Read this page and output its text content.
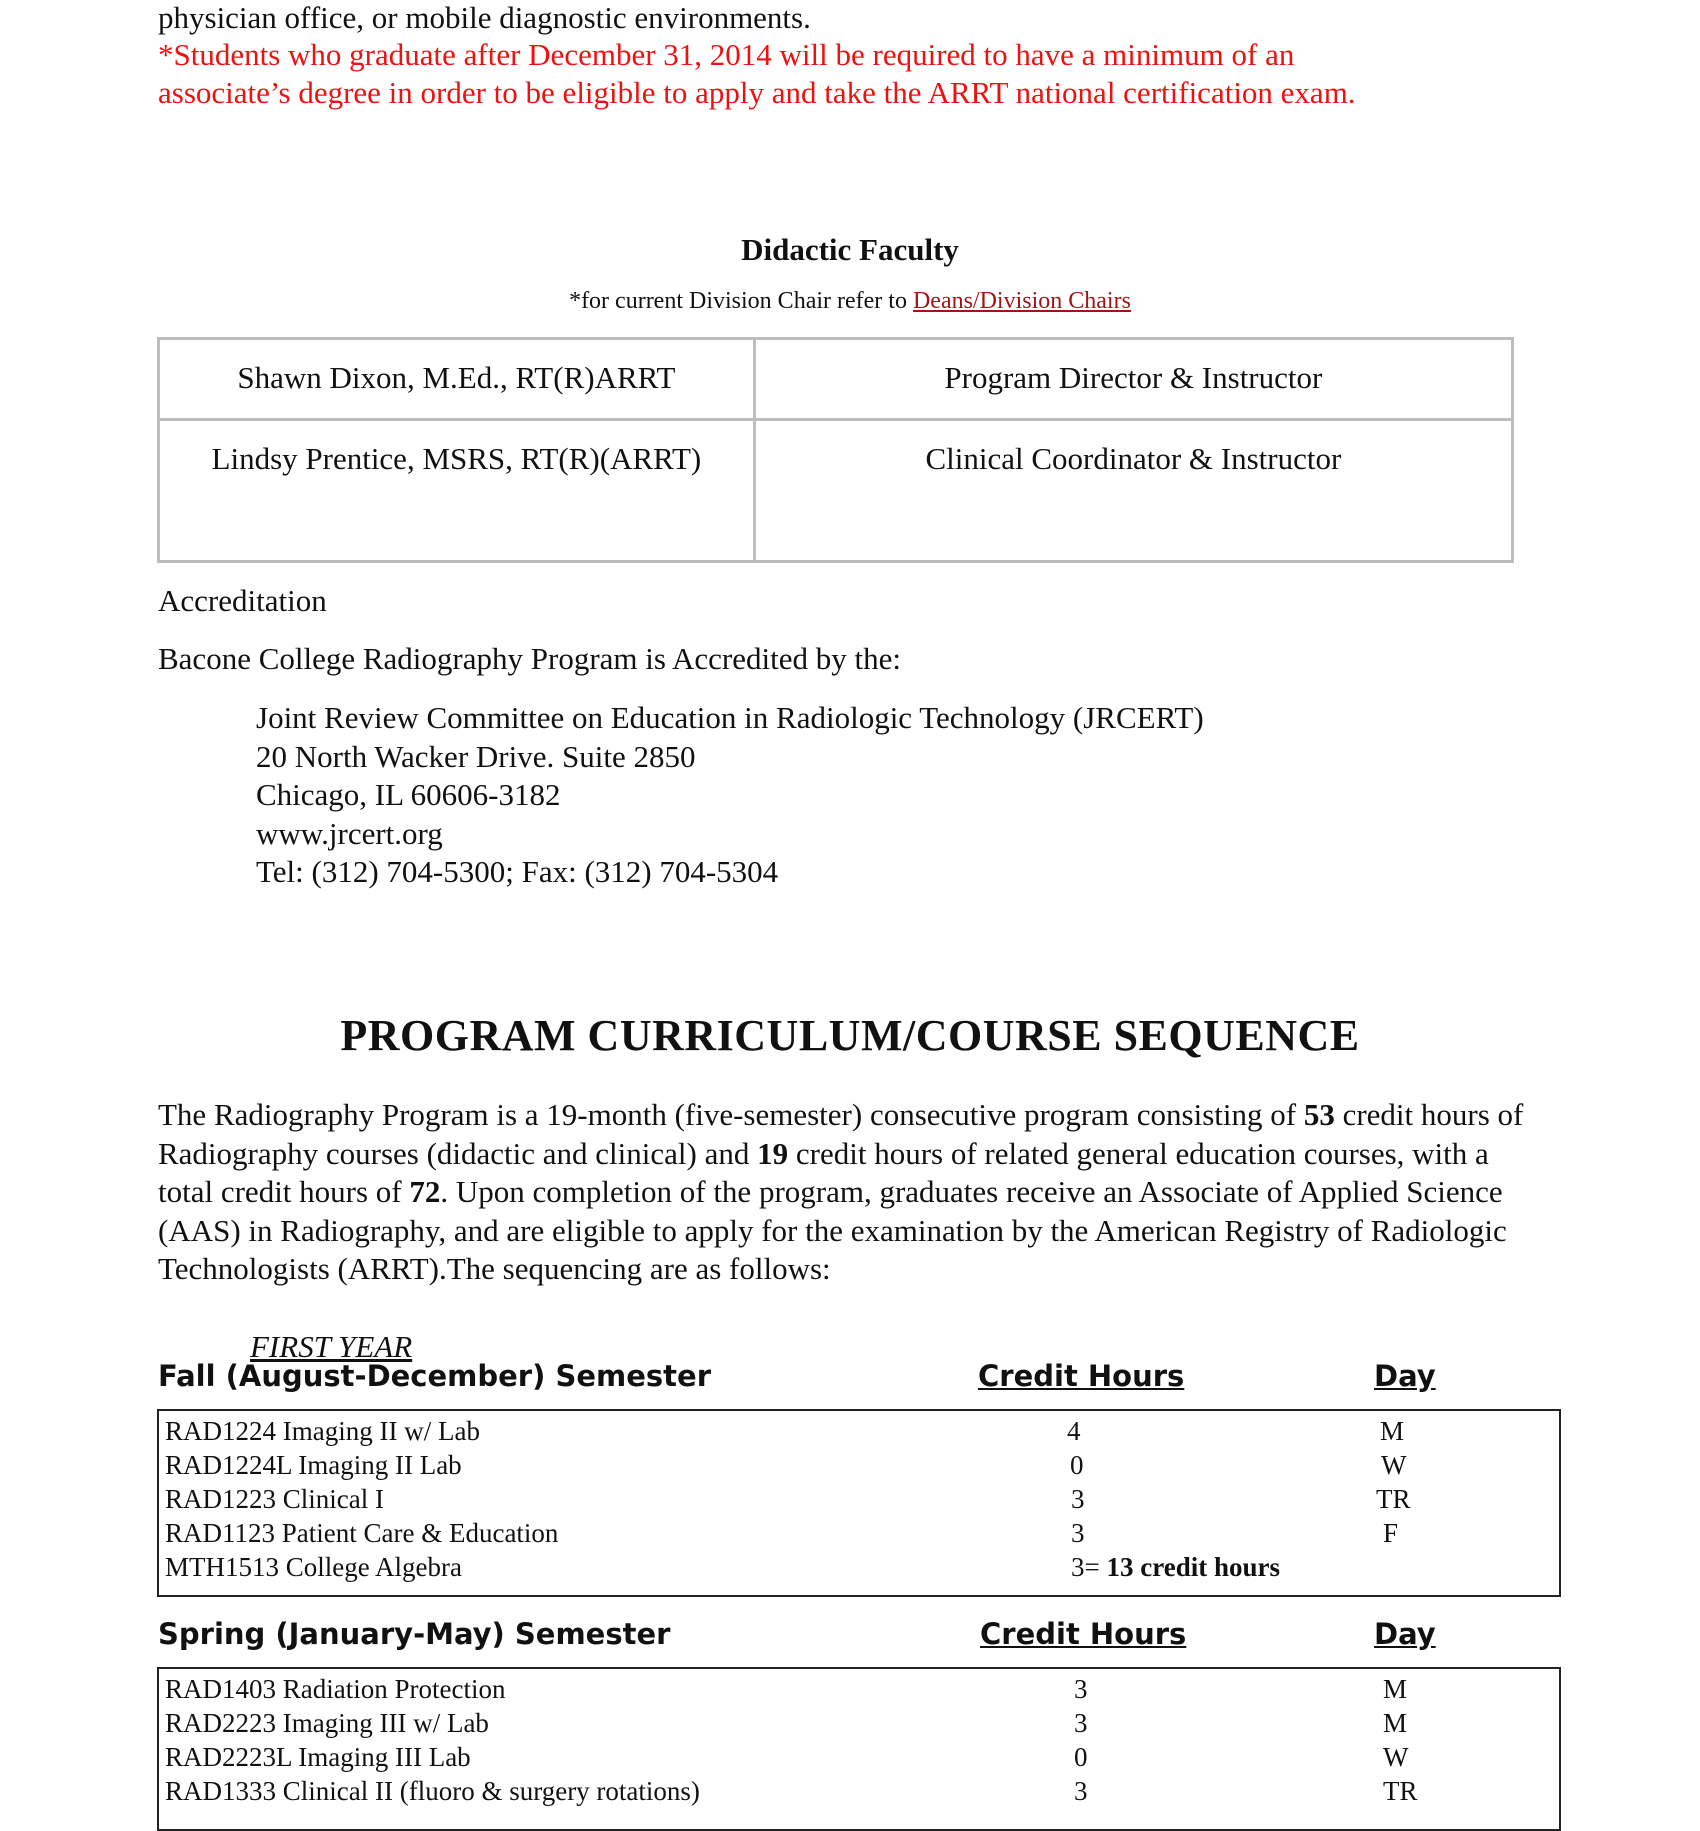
physician office, or mobile diagnostic environments.
*Students who graduate after December 31, 2014 will be required to have a minimum of an
associate’s degree in order to be eligible to apply and take the ARRT national certification exam.
Didactic Faculty
*for current Division Chair refer to Deans/Division Chairs
Shawn Dixon, M.Ed., RT(R)ARRT	Program Director & Instructor
Lindsy Prentice, MSRS, RT(R)(ARRT)	Clinical Coordinator & Instructor
Accreditation
Bacone College Radiography Program is Accredited by the:
Joint Review Committee on Education in Radiologic Technology (JRCERT)
20 North Wacker Drive. Suite 2850
Chicago, IL 60606-3182
www.jrcert.org
Tel: (312) 704-5300; Fax: (312) 704-5304
PROGRAM CURRICULUM/COURSE SEQUENCE
The Radiography Program is a 19-month (five-semester) consecutive program consisting of 53 credit hours of Radiography courses (didactic and clinical) and 19 credit hours of related general education courses, with a total credit hours of 72. Upon completion of the program, graduates receive an Associate of Applied Science (AAS) in Radiography, and are eligible to apply for the examination by the American Registry of Radiologic Technologists (ARRT).The sequencing are as follows:
FIRST YEAR
Fall (August-December) Semester	Credit Hours	Day
RAD1224 Imaging II w/ Lab	4	M
RAD1224L Imaging II Lab	0	W
RAD1223 Clinical I	3	TR
RAD1123 Patient Care & Education	3	F
MTH1513 College Algebra	3= 13 credit hours
Spring (January-May) Semester	Credit Hours	Day
RAD1403 Radiation Protection	3	M
RAD2223 Imaging III w/ Lab	3	M
RAD2223L Imaging III Lab	0	W
RAD1333 Clinical II (fluoro & surgery rotations)	3	TR
